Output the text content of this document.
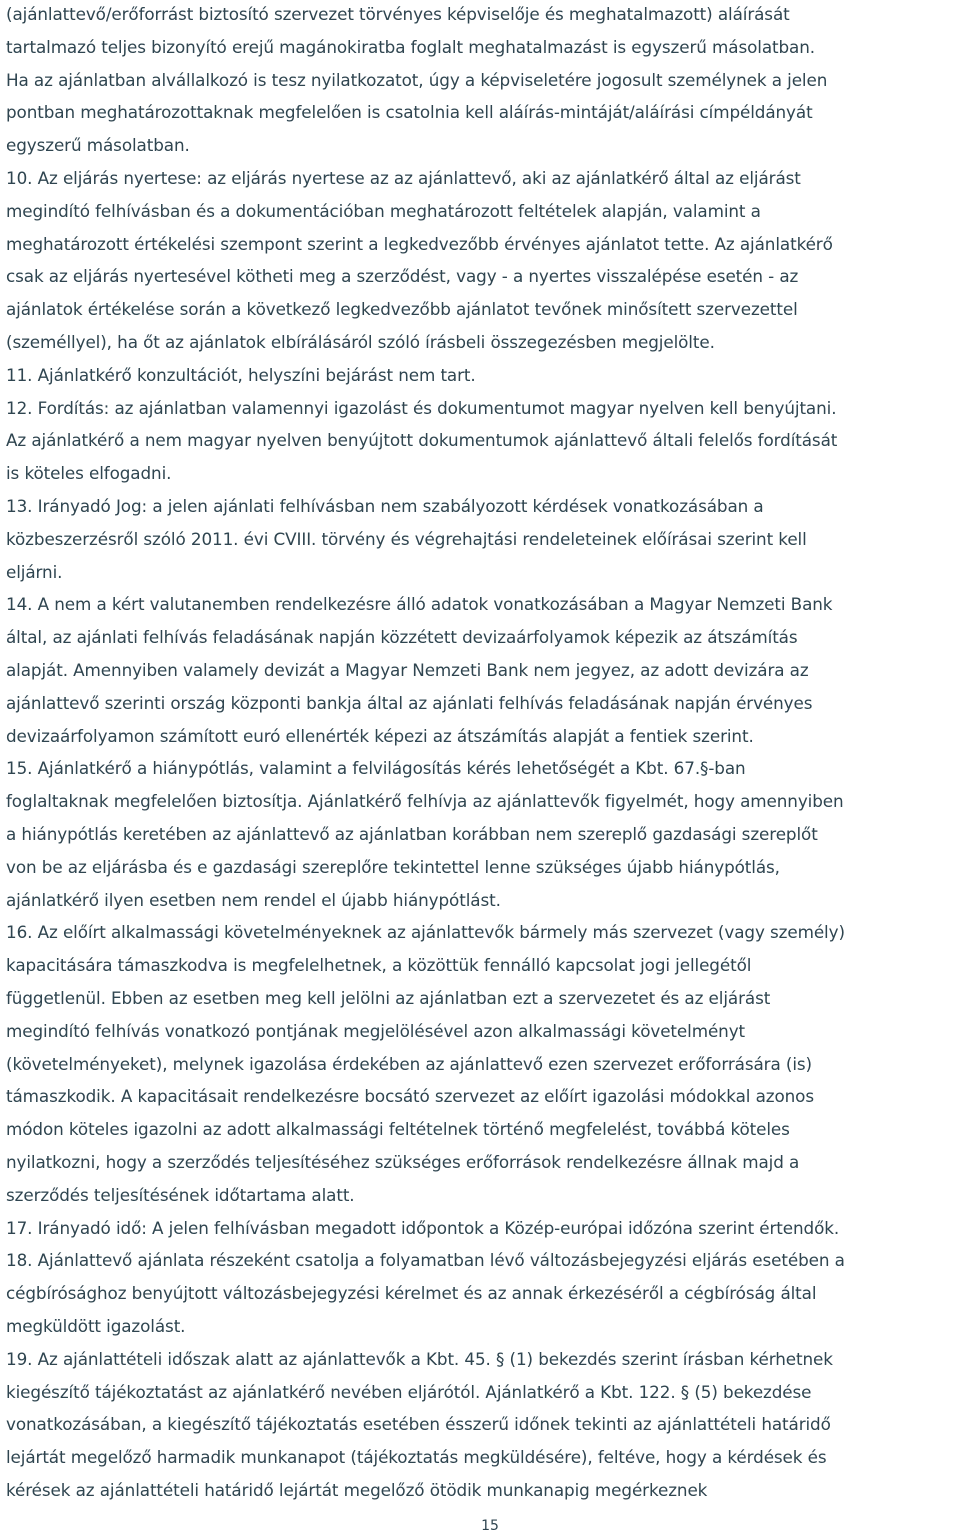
(ajánlattevő/erőforrást biztosító szervezet törvényes képviselője és meghatalmazott) aláírását
tartalmazó teljes bizonyító erejű magánokiratba foglalt meghatalmazást is egyszerű másolatban.
Ha az ajánlatban alvállalkozó is tesz nyilatkozatot, úgy a képviseletére jogosult személynek a jelen
pontban meghatározottaknak megfelelően is csatolnia kell aláírás-mintáját/aláírási címpéldányát
egyszerű másolatban.
10. Az eljárás nyertese: az eljárás nyertese az az ajánlattevő, aki az ajánlatkérő által az eljárást
megindító felhívásban és a dokumentációban meghatározott feltételek alapján, valamint a
meghatározott értékelési szempont szerint a legkedvezőbb érvényes ajánlatot tette. Az ajánlatkérő
csak az eljárás nyertesével kötheti meg a szerződést, vagy - a nyertes visszalépése esetén - az
ajánlatok értékelése során a következő legkedvezőbb ajánlatot tevőnek minősített szervezettel
(személlyel), ha őt az ajánlatok elbírálásáról szóló írásbeli összegezésben megjelölte.
11. Ajánlatkérő konzultációt, helyszíni bejárást nem tart.
12. Fordítás: az ajánlatban valamennyi igazolást és dokumentumot magyar nyelven kell benyújtani.
Az ajánlatkérő a nem magyar nyelven benyújtott dokumentumok ajánlattevő általi felelős fordítását
is köteles elfogadni.
13. Irányadó Jog: a jelen ajánlati felhívásban nem szabályozott kérdések vonatkozásában a
közbeszerzésről szóló 2011. évi CVIII. törvény és végrehajtási rendeleteinek előírásai szerint kell
eljárni.
14. A nem a kért valutanemben rendelkezésre álló adatok vonatkozásában a Magyar Nemzeti Bank
által, az ajánlati felhívás feladásának napján közzétett devizaárfolyamok képezik az átszámítás
alapját. Amennyiben valamely devizát a Magyar Nemzeti Bank nem jegyez, az adott devizára az
ajánlattevő szerinti ország központi bankja által az ajánlati felhívás feladásának napján érvényes
devizaárfolyamon számított euró ellenérték képezi az átszámítás alapját a fentiek szerint.
15. Ajánlatkérő a hiánypótlás, valamint a felvilágosítás kérés lehetőségét a Kbt. 67.§-ban
foglaltaknak megfelelően biztosítja. Ajánlatkérő felhívja az ajánlattevők figyelmét, hogy amennyiben
a hiánypótlás keretében az ajánlattevő az ajánlatban korábban nem szereplő gazdasági szereplőt
von be az eljárásba és e gazdasági szereplőre tekintettel lenne szükséges újabb hiánypótlás,
ajánlatkérő ilyen esetben nem rendel el újabb hiánypótlást.
16. Az előírt alkalmassági követelményeknek az ajánlattevők bármely más szervezet (vagy személy)
kapacitására támaszkodva is megfelelhetnek, a közöttük fennálló kapcsolat jogi jellegétől
függetlenül. Ebben az esetben meg kell jelölni az ajánlatban ezt a szervezetet és az eljárást
megindító felhívás vonatkozó pontjának megjelölésével azon alkalmassági követelményt
(követelményeket), melynek igazolása érdekében az ajánlattevő ezen szervezet erőforrására (is)
támaszkodik. A kapacitásait rendelkezésre bocsátó szervezet az előírt igazolási módokkal azonos
módon köteles igazolni az adott alkalmassági feltételnek történő megfelelést, továbbá köteles
nyilatkozni, hogy a szerződés teljesítéséhez szükséges erőforrások rendelkezésre állnak majd a
szerződés teljesítésének időtartama alatt.
17. Irányadó idő: A jelen felhívásban megadott időpontok a Közép-európai időzóna szerint értendők.
18. Ajánlattevő ajánlata részeként csatolja a folyamatban lévő változásbejegyzési eljárás esetében a
cégbírósághoz benyújtott változásbejegyzési kérelmet és az annak érkezéséről a cégbíróság által
megküldött igazolást.
19. Az ajánlattételi időszak alatt az ajánlattevők a Kbt. 45. § (1) bekezdés szerint írásban kérhetnek
kiegészítő tájékoztatást az ajánlatkérő nevében eljárótól. Ajánlatkérő a Kbt. 122. § (5) bekezdése
vonatkozásában, a kiegészítő tájékoztatás esetében ésszerű időnek tekinti az ajánlattételi határidő
lejártát megelőző harmadik munkanapot (tájékoztatás megküldésére), feltéve, hogy a kérdések és
kérések az ajánlattételi határidő lejártát megelőző ötödik munkanapig megérkeznek
15
